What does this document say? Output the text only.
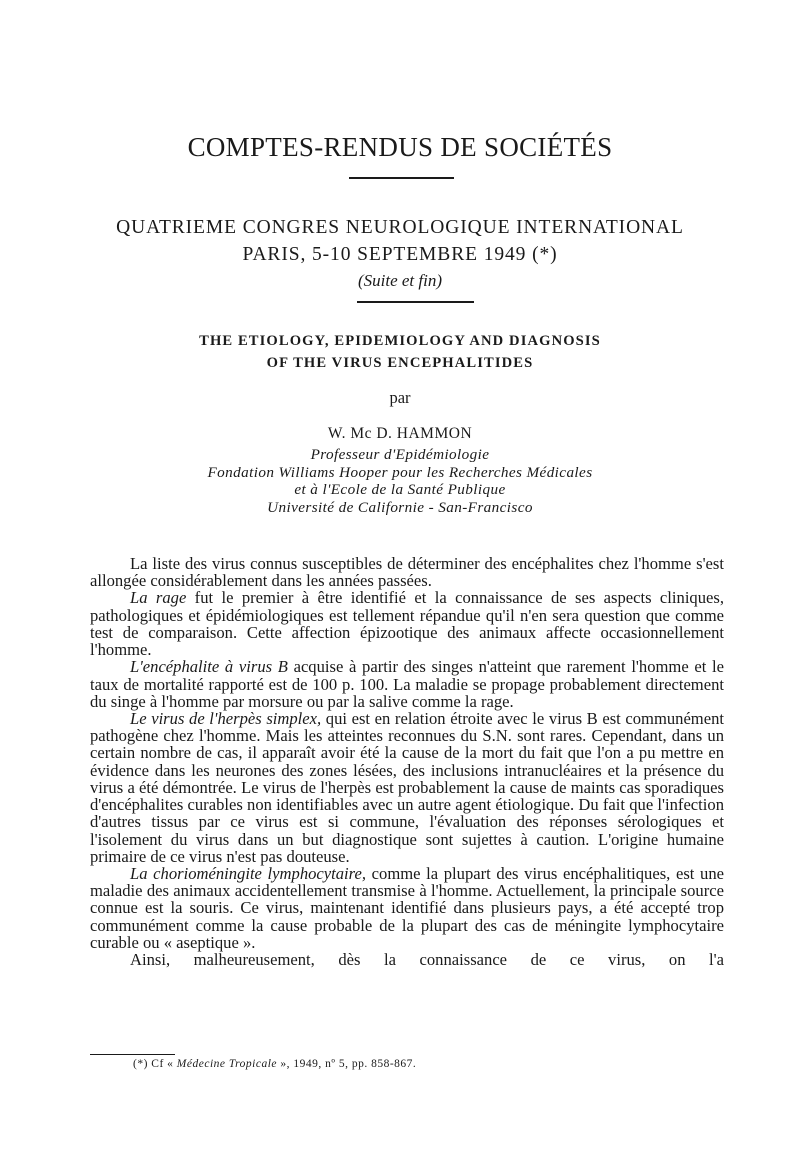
COMPTES-RENDUS DE SOCIÉTÉS
QUATRIEME CONGRES NEUROLOGIQUE INTERNATIONAL
PARIS, 5-10 SEPTEMBRE 1949 (*)
(Suite et fin)
THE ETIOLOGY, EPIDEMIOLOGY AND DIAGNOSIS
OF THE VIRUS ENCEPHALITIDES
par
W. Mc D. HAMMON
Professeur d'Epidémiologie
Fondation Williams Hooper pour les Recherches Médicales
et à l'Ecole de la Santé Publique
Université de Californie - San-Francisco

La liste des virus connus susceptibles de déterminer des encéphalites chez l'homme s'est allongée considérablement dans les années passées.

La rage fut le premier à être identifié et la connaissance de ses aspects cliniques, pathologiques et épidémiologiques est tellement répandue qu'il n'en sera question que comme test de comparaison. Cette affection épizootique des animaux affecte occasionnellement l'homme.

L'encéphalite à virus B acquise à partir des singes n'atteint que rarement l'homme et le taux de mortalité rapporté est de 100 p. 100. La maladie se propage probablement directement du singe à l'homme par morsure ou par la salive comme la rage.

Le virus de l'herpès simplex, qui est en relation étroite avec le virus B est communément pathogène chez l'homme. Mais les atteintes reconnues du S.N. sont rares. Cependant, dans un certain nombre de cas, il apparaît avoir été la cause de la mort du fait que l'on a pu mettre en évidence dans les neurones des zones lésées, des inclusions intranucléaires et la présence du virus a été démontrée. Le virus de l'herpès est probablement la cause de maints cas sporadiques d'encéphalites curables non identifiables avec un autre agent étiologique. Du fait que l'infection d'autres tissus par ce virus est si commune, l'évaluation des réponses sérologiques et l'isolement du virus dans un but diagnostique sont sujettes à caution. L'origine humaine primaire de ce virus n'est pas douteuse.

La chorioméningite lymphocytaire, comme la plupart des virus encéphalitiques, est une maladie des animaux accidentellement transmise à l'homme. Actuellement, la principale source connue est la souris. Ce virus, maintenant identifié dans plusieurs pays, a été accepté trop communément comme la cause probable de la plupart des cas de méningite lymphocytaire curable ou « aseptique ».

Ainsi, malheureusement, dès la connaissance de ce virus, on l'a

(*) Cf « Médecine Tropicale », 1949, nº 5, pp. 858-867.
